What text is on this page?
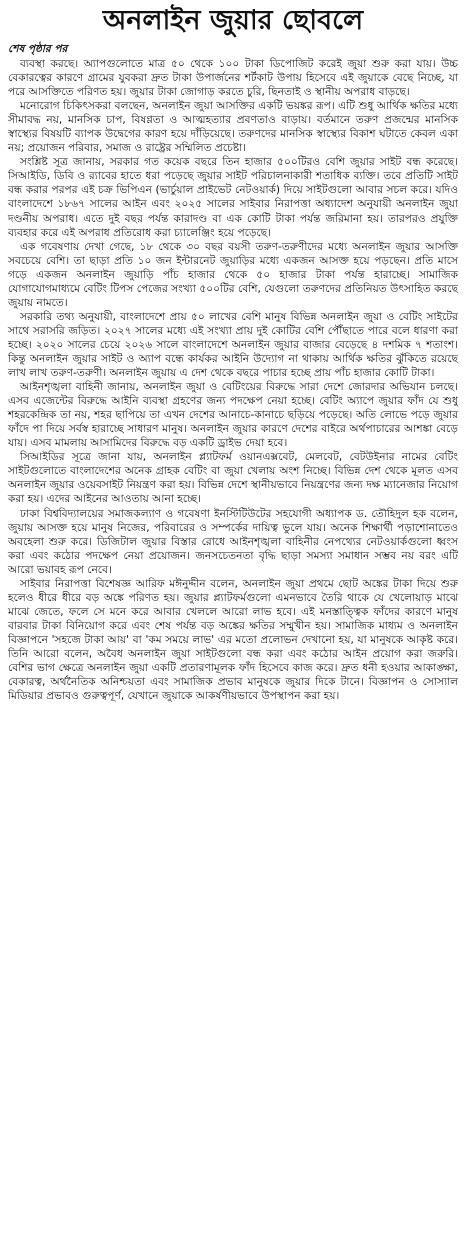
অনলাইন জুয়ার ছোবলে
শেষ পৃষ্ঠার পর

ব্যবস্থা করছে। অ্যাপগুলোতে মাত্র ৫০ থেকে ১০০ টাকা ডিপোজিট করেই জুয়া শুরু করা যায়। উচ্চ বেকারত্বের কারণে গ্রামের যুবকরা দ্রুত টাকা উপার্জনের শর্টকাট উপায় হিসেবে এই জুয়াকে বেছে নিচ্ছে, যা পরে আসক্তিতে পরিণত হয়। জুয়ার টাকা জোগাড় করতে চুরি, ছিনতাই ও স্থানীয় অপরাধ বাড়ছে।

মনোরোগ চিকিৎসকরা বলছেন, অনলাইন জুয়া আসক্তির একটি ভয়ঙ্কর রূপ। এটি শুধু আর্থিক ক্ষতির মধ্যে সীমাবদ্ধ নয়, মানসিক চাপ, বিষণ্ণতা ও আত্মহত্যার প্রবণতাও বাড়ায়। বর্তমানে তরুণ প্রজন্মের মানসিক স্বাস্থ্যের বিষয়টি ব্যাপক উদ্বেগের কারণ হয়ে দাঁড়িয়েছে। তরুণদের মানসিক স্বাস্থ্যের বিকাশ ঘটাতে কেবল একা নয়; প্রয়োজন পরিবার, সমাজ ও রাষ্ট্রের সম্মিলিত প্রচেষ্টা।

সংশ্লিষ্ট সূত্র জানায়, সরকার গত কয়েক বছরে তিন হাজার ৫০০টিরও বেশি জুয়ার সাইট বন্ধ করেছে। সিআইডি, ডিবি ও র‍্যাবের হাতে ধরা পড়েছে জুয়ার সাইট পরিচালনাকারী শতাধিক ব্যক্তি। তবে প্রতিটি সাইট বন্ধ করার পরপর এই চক্র ভিপিএন (ভার্চুয়াল প্রাইভেট নেটওয়ার্ক) দিয়ে সাইটগুলো আবার সচল করে। যদিও বাংলাদেশে ১৮৬৭ সালের আইন এবং ২০২৫ সালের সাইবার নিরাপত্তা অধ্যাদেশ অনুযায়ী অনলাইন জুয়া দণ্ডনীয় অপরাধ। এতে দুই বছর পর্যন্ত কারাদণ্ড বা এক কোটি টাকা পর্যন্ত জরিমানা হয়। তারপরও প্রযুক্তি ব্যবহার করে এই অপরাধ প্রতিরোধ করা চ্যালেঞ্জিং হয়ে পড়েছে।

এক গবেষণায় দেখা গেছে, ১৮ থেকে ৩০ বছর বয়সী তরুণ-তরুণীদের মধ্যে অনলাইন জুয়ার আসক্তি সবচেয়ে বেশি। তা ছাড়া প্রতি ১০ জন ইন্টারনেট জুয়াড়ির মধ্যে একজন আসক্ত হয়ে পড়ছেন। প্রতি মাসে গড়ে একজন অনলাইন জুয়াড়ি পাঁচ হাজার থেকে ৫০ হাজার টাকা পর্যন্ত হারাচ্ছে। সামাজিক যোগাযোগমাধ্যমে বেটিং টিপস পেজের সংখ্যা ৫০০টির বেশি, যেগুলো তরুণদের প্রতিনিয়ত উৎসাহিত করছে জুয়ায় নামতে।

সরকারি তথ্য অনুযায়ী, বাংলাদেশে প্রায় ৫০ লাখের বেশি মানুষ বিভিন্ন অনলাইন জুয়া ও বেটিং সাইটের সাথে সরাসরি জড়িত। ২০২৭ সালের মধ্যে এই সংখ্যা প্রায় দুই কোটির বেশি পৌঁছাতে পারে বলে ধারণা করা হচ্ছে। ২০২০ সালের চেয়ে ২০২৬ সালে বাংলাদেশে অনলাইন জুয়ার বাজার বেড়েছে ৪ দশমিক ৭ শতাংশ। কিন্তু অনলাইন জুয়ার সাইট ও অ্যাপ বন্ধে কার্যকর আইনি উদ্যোগ না থাকায় আর্থিক ক্ষতির ঝুঁকিতে রয়েছে লাখ লাখ তরুণ-তরুণী। অনলাইন জুয়ায় এ দেশ থেকে বছরে পাচার হচ্ছে প্রায় পাঁচ হাজার কোটি টাকা।

আইনশৃঙ্খলা বাহিনী জানায়, অনলাইন জুয়া ও বেটিংয়ের বিরুদ্ধে সারা দেশে জোরদার অভিযান চলছে। এসব এজেন্টের বিরুদ্ধে আইনি ব্যবস্থা গ্রহণের জন্য পদক্ষেপ নেয়া হচ্ছে। বেটিং অ্যাপে জুয়ার ফাঁদ যে শুধু শহরকেন্দ্রিক তা নয়, শহর ছাপিয়ে তা এখন দেশের আনাচে-কানাচে ছড়িয়ে পড়েছে। অতি লোভে পড়ে জুয়ার ফাঁদে পা দিয়ে সর্বস্ব হারাচ্ছে সাধারণ মানুষ। অনলাইন জুয়ার কারণে দেশের বাইরে অর্থপাচারের আশঙ্কা বেড়ে যায়। এসব মামলায় আসামিদের বিরুদ্ধে বড় একটি ড্রাইভ দেয়া হবে।

সিআইডির সূত্রে জানা যায়, অনলাইন প্ল্যাটফর্ম ওয়ানএক্সবেট, মেলবেট, বেটউইনার নামের বেটিং সাইটগুলোতে বাংলাদেশের অনেক গ্রাহক বেটিং বা জুয়া খেলায় অংশ নিচ্ছে। বিভিন্ন দেশ থেকে মূলত এসব অনলাইন জুয়ার ওয়েবসাইট নিয়ন্ত্রণ করা হয়। বিভিন্ন দেশে স্থানীয়ভাবে নিয়ন্ত্রণের জন্য দক্ষ ম্যানেজার নিয়োগ করা হয়। এদের আইনের আওতায় আনা হচ্ছে।

ঢাকা বিশ্ববিদ্যালয়ের সমাজকল্যাণ ও গবেষণা ইনস্টিটিউটের সহযোগী অধ্যাপক ড. তৌহিদুল হক বলেন, জুয়ায় আসক্ত হয়ে মানুষ নিজের, পরিবারের ও সম্পর্কের দায়িত্ব ভুলে যায়। অনেক শিক্ষার্থী পড়াশোনাতেও অবহেলা শুরু করে। ডিজিটাল জুয়ার বিস্তার রোধে আইনশৃঙ্খলা বাহিনীর নেপথ্যের নেটওয়ার্কগুলো ধ্বংস করা এবং কঠোর পদক্ষেপ নেয়া প্রয়োজন। জনসচেতনতা বৃদ্ধি ছাড়া সমস্যা সমাধান সম্ভব নয় বরং এটি আরো ভয়াবহ রূপ নেবে।

সাইবার নিরাপত্তা বিশেষজ্ঞ আরিফ মঈনুদ্দীন বলেন, অনলাইন জুয়া প্রথমে ছোট অঙ্কের টাকা দিয়ে শুরু হলেও ধীরে ধীরে বড় অঙ্কে পরিণত হয়। জুয়ার প্ল্যাটফর্মগুলো এমনভাবে তৈরি থাকে যে খেলোয়াড় মাঝে মাঝে জেতে, ফলে সে মনে করে আবার খেললে আরো লাভ হবে। এই মনস্তাত্ত্বিক ফাঁদের কারণে মানুষ বারবার টাকা বিনিয়োগ করে এবং শেষ পর্যন্ত বড় অঙ্কের ক্ষতির সম্মুখীন হয়। সামাজিক মাধ্যম ও অনলাইন বিজ্ঞাপনে 'সহজে টাকা আয়' বা 'কম সময়ে লাভ' এর মতো প্রলোভন দেখানো হয়, যা মানুষকে আকৃষ্ট করে। তিনি আরো বলেন, অবৈধ অনলাইন জুয়া সাইটগুলো বন্ধ করা এবং কঠোর আইন প্রয়োগ করা জরুরি। বেশির ভাগ ক্ষেত্রে অনলাইন জুয়া একটি প্রতারণামূলক ফাঁদ হিসেবে কাজ করে। দ্রুত ধনী হওয়ার আকাঙ্ক্ষা, বেকারত্ব, অর্থনৈতিক অনিশ্চয়তা এবং সামাজিক প্রভাব মানুষকে জুয়ার দিকে টানে। বিজ্ঞাপন ও সোস্যাল মিডিয়ার প্রভাবও গুরুত্বপূর্ণ, যেখানে জুয়াকে আকর্ষণীয়ভাবে উপস্থাপন করা হয়।
